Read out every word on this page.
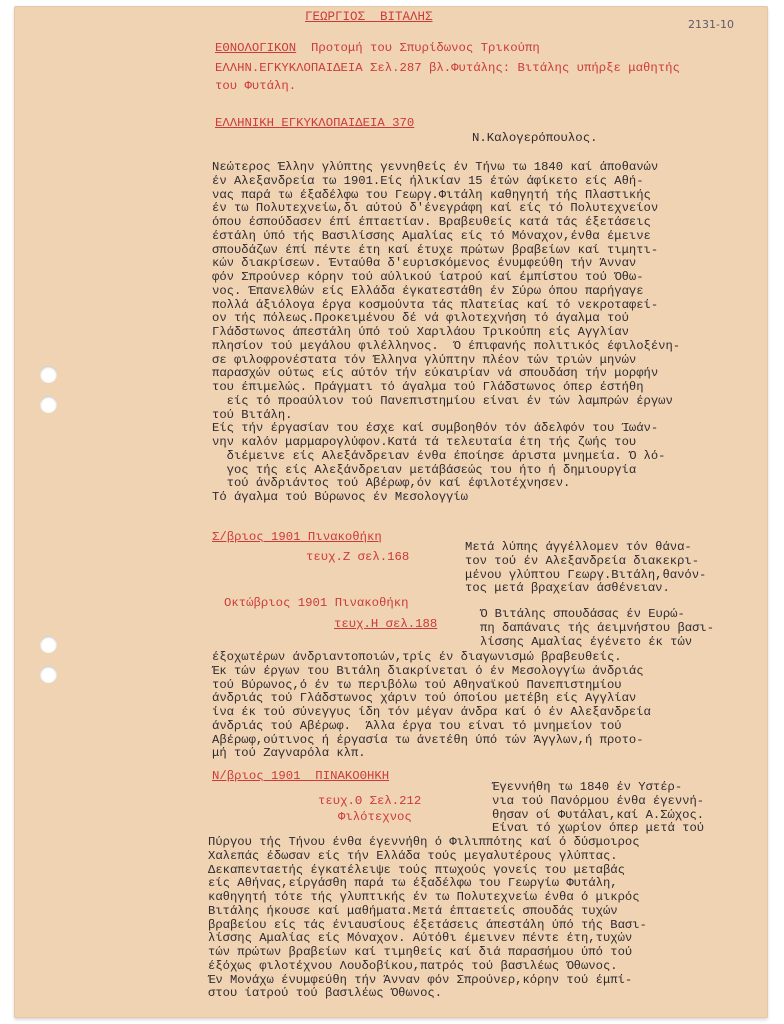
2131-10
ΓΕΩΡΓΙΟΣ  ΒΙΤΑΛΗΣ
ΕΘΝΟΛΟΓΙΚΟΝ  Προτομή του Σπυρίδωνος Τρικούπη
ΕΛΛΗΝ.ΕΓΚΥΚΛΟΠΑΙΔΕΙΑ Σελ.287 βλ.Φυτάλης: Βιτάλης υπήρξε μαθητής
του Φυτάλη.
ΕΛΛΗΝΙΚΗ ΕΓΚΥΚΛΟΠΑΙΔΕΙΑ 370
Ν.Καλογερόπουλος.
Νεώτερος Έλλην γλύπτης γεννηθείς έν Τήνω τω 1840 καί άποθανών
έν Αλεξανδρεία τω 1901.Είς ήλικίαν 15 έτών άφίκετο είς Αθή-
νας παρά τω έξαδέλφω του Γεωργ.Φιτάλη καθηγητή τής Πλαστικής
έν τω Πολυτεχνείω,δι αύτού δ'ένεγράφη καί είς τό Πολυτεχνείον
όπου έσπούδασεν έπί έπταετίαν. Βραβευθείς κατά τάς έξετάσεις
έστάλη ύπό τής Βασιλίσσης Αμαλίας είς τό Μόναχον,ένθα έμεινε
σπουδάζων έπί πέντε έτη καί έτυχε πρώτων βραβείων καί τιμητι-
κών διακρίσεων. Ένταύθα δ'ευρισκόμενος ένυμφεύθη τήν Άνναν
φόν Σπρούνερ κόρην τού αύλικού ίατρού καί έμπίστου τού Όθω-
νος. Έπανελθών είς Ελλάδα έγκατεστάθη έν Σύρω όπου παρήγαγε
πολλά άξιόλογα έργα κοσμούντα τάς πλατείας καί τό νεκροταφεί-
ον τής πόλεως.Προκειμένου δέ νά φιλοτεχνήση τό άγαλμα τού
Γλάδστωνος άπεστάλη ύπό τού Χαριλάου Τρικούπη είς Αγγλίαν
πλησίον τού μεγάλου φιλέλληνος.  Ό έπιφανής πολιτικός έφιλοξένη-
σε φιλοφρονέστατα τόν Έλληνα γλύπτην πλέον τών τριών μηνών
παρασχών ούτως είς αύτόν τήν εύκαιρίαν νά σπουδάση τήν μορφήν
του έπιμελώς. Πράγματι τό άγαλμα τού Γλάδστωνος όπερ έστήθη
είς τό προαύλιον τού Πανεπιστημίου είναι έν τών λαμπρών έργων
τού Βιτάλη.
Είς τήν έργασίαν του έσχε καί συμβοηθόν τόν άδελφόν του Ίωάν-
νην καλόν μαρμαρογλύφον.Κατά τά τελευταία έτη τής ζωής του
διέμεινε είς Αλεξάνδρειαν ένθα έποίησε άριστα μνημεία. Ό λό-
γος τής είς Αλεξάνδρειαν μετάβάσεώς του ήτο ή δημιουργία
τού άνδριάντος τού Αβέρωφ,όν καί έφιλοτέχνησεν.
Τό άγαλμα τού Βύρωνος έν Μεσολογγίω
Σ/βριος 1901 Πινακοθήκη
τευχ.Ζ σελ.168
Μετά λύπης άγγέλλομεν τόν θάνα-
τον τού έν Αλεξανδρεία διακεκρι-
μένου γλύπτου Γεωργ.Βιτάλη,θανόν-
τος μετά βραχείαν άσθένειαν.
Οκτώβριος 1901 Πινακοθήκη
τευχ.Η σελ.188
Ό Βιτάλης σπουδάσας έν Ευρώ-
πη δαπάναις τής άειμνήστου βασι-
λίσσης Αμαλίας έγένετο έκ τών
έξοχωτέρων άνδριαντοποιών,τρίς έν διαγωνισμώ βραβευθείς.
Έκ τών έργων του Βιτάλη διακρίνεται ό έν Μεσολογγίω άνδριάς
τού Βύρωνος,ό έν τω περιβόλω τού Αθηναϊκού Πανεπιστημίου
άνδριάς τού Γλάδστωνος χάριν τού όποίου μετέβη είς Αγγλίαν
ίνα έκ τού σύνεγγυς ίδη τόν μέγαν άνδρα καί ό έν Αλεξανδρεία
άνδριάς τού Αβέρωφ.  Άλλα έργα του είναι τό μνημείον τού
Αβέρωφ,ούτινος ή έργασία τω άνετέθη ύπό τών Άγγλων,ή προτο-
μή τού Ζαγναρόλα κλπ.
Ν/βριος 1901  ΠΙΝΑΚΟΘΗΚΗ
τευχ.Θ Σελ.212
Φιλότεχνος
Έγεννήθη τω 1840 έν Υστέρ-
νια τού Πανόρμου ένθα έγεννή-
θησαν οί Φυτάλαι,καί Α.Σώχος.
Είναι τό χωρίον όπερ μετά τού
Πύργου τής Τήνου ένθα έγεννήθη ό Φιλιππότης καί ό δύσμοιρος
Χαλεπάς έδωσαν είς τήν Ελλάδα τούς μεγαλυτέρους γλύπτας.
Δεκαπενταετής έγκατέλειψε τούς πτωχούς γονείς του μεταβάς
είς Αθήνας,είργάσθη παρά τω έξαδέλφω του Γεωργίω Φυτάλη,
καθηγητή τότε τής γλυπτικής έν τω Πολυτεχνείω ένθα ό μικρός
Βιτάλης ήκουσε καί μαθήματα.Μετά έπταετείς σπουδάς τυχών
βραβείου είς τάς ένιαυσίους έξετάσεις άπεστάλη ύπό τής Βασι-
λίσσης Αμαλίας είς Μόναχον. Αύτόθι έμεινεν πέντε έτη,τυχών
τών πρώτων βραβείων καί τιμηθείς καί διά παρασήμου ύπό τού
έξόχως φιλοτέχνου Λουδοβίκου,πατρός τού βασιλέως Όθωνος.
Έν Μονάχω ένυμφεύθη τήν Άνναν φόν Σπρούνερ,κόρην τού έμπί-
στου ίατρού τού βασιλέως Όθωνος.
